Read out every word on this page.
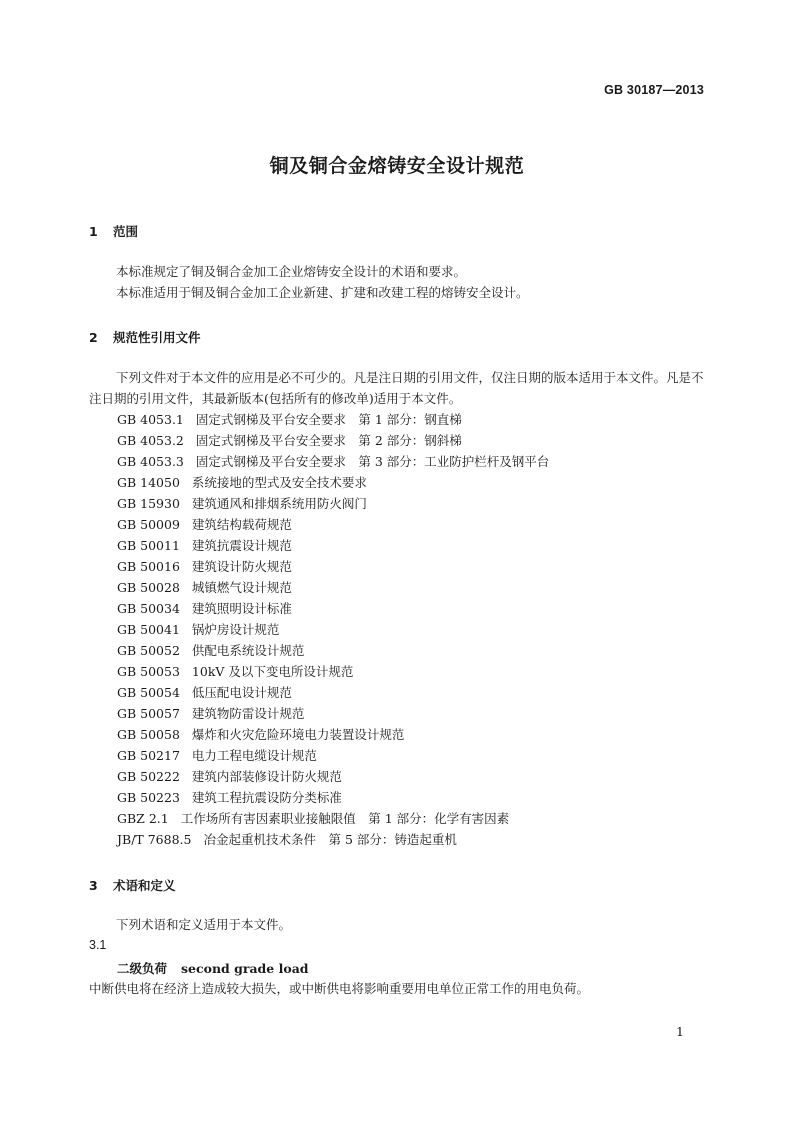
GB 30187—2013
铜及铜合金熔铸安全设计规范
1 范围
本标准规定了铜及铜合金加工企业熔铸安全设计的术语和要求。
本标准适用于铜及铜合金加工企业新建、扩建和改建工程的熔铸安全设计。
2 规范性引用文件
下列文件对于本文件的应用是必不可少的。凡是注日期的引用文件，仅注日期的版本适用于本文件。凡是不注日期的引用文件，其最新版本(包括所有的修改单)适用于本文件。
GB 4053.1 固定式钢梯及平台安全要求　第 1 部分：钢直梯
GB 4053.2 固定式钢梯及平台安全要求　第 2 部分：钢斜梯
GB 4053.3 固定式钢梯及平台安全要求　第 3 部分：工业防护栏杆及钢平台
GB 14050 系统接地的型式及安全技术要求
GB 15930 建筑通风和排烟系统用防火阀门
GB 50009 建筑结构载荷规范
GB 50011 建筑抗震设计规范
GB 50016 建筑设计防火规范
GB 50028 城镇燃气设计规范
GB 50034 建筑照明设计标准
GB 50041 锅炉房设计规范
GB 50052 供配电系统设计规范
GB 50053 10kV 及以下变电所设计规范
GB 50054 低压配电设计规范
GB 50057 建筑物防雷设计规范
GB 50058 爆炸和火灾危险环境电力装置设计规范
GB 50217 电力工程电缆设计规范
GB 50222 建筑内部装修设计防火规范
GB 50223 建筑工程抗震设防分类标准
GBZ 2.1 工作场所有害因素职业接触限值　第 1 部分：化学有害因素
JB/T 7688.5 冶金起重机技术条件　第 5 部分：铸造起重机
3 术语和定义
下列术语和定义适用于本文件。
3.1
二级负荷 second grade load
中断供电将在经济上造成较大损失，或中断供电将影响重要用电单位正常工作的用电负荷。
1
